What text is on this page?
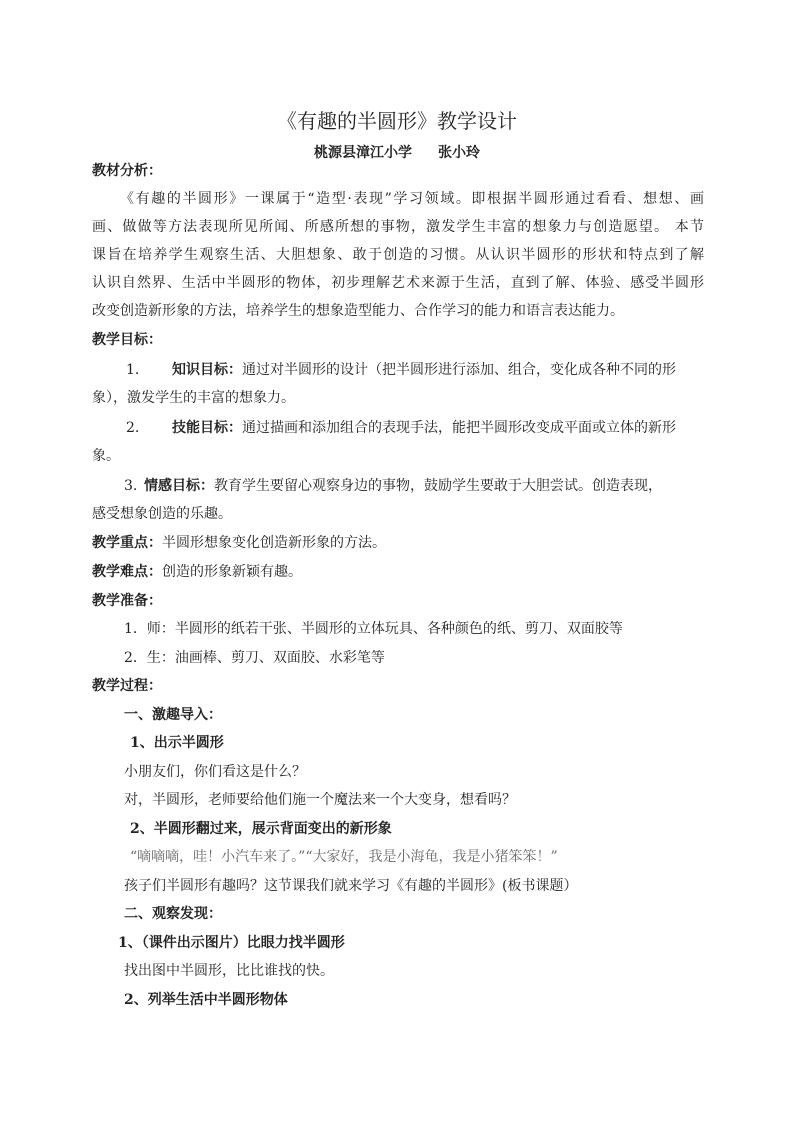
《有趣的半圆形》教学设计
桃源县漳江小学 张小玲
教材分析：
《有趣的半圆形》一课属于“造型·表现”学习领域。即根据半圆形通过看看、想想、画
画、做做等方法表现所见所闻、所感所想的事物，激发学生丰富的想象力与创造愿望。 本节
课旨在培养学生观察生活、大胆想象、敢于创造的习惯。从认识半圆形的形状和特点到了解
认识自然界、生活中半圆形的物体，初步理解艺术来源于生活，直到了解、体验、感受半圆形
改变创造新形象的方法，培养学生的想象造型能力、合作学习的能力和语言表达能力。
教学目标：
1. 知识目标：通过对半圆形的设计（把半圆形进行添加、组合，变化成各种不同的形
象），激发学生的丰富的想象力。
2. 技能目标：通过描画和添加组合的表现手法，能把半圆形改变成平面或立体的新形
象。
3. 情感目标：教育学生要留心观察身边的事物，鼓励学生要敢于大胆尝试。创造表现，
感受想象创造的乐趣。
教学重点：半圆形想象变化创造新形象的方法。
教学难点：创造的形象新颖有趣。
教学准备：
1．师：半圆形的纸若干张、半圆形的立体玩具、各种颜色的纸、剪刀、双面胶等
2．生：油画棒、剪刀、双面胶、水彩笔等
教学过程：
一、激趣导入：
1、出示半圆形
小朋友们，你们看这是什么？
对，半圆形，老师要给他们施一个魔法来一个大变身，想看吗？
2、半圆形翻过来，展示背面变出的新形象
“嘀嘀嘀，哇！小汽车来了。”“大家好，我是小海龟，我是小猪笨笨！”
孩子们半圆形有趣吗？这节课我们就来学习《有趣的半圆形》(板书课题）
二、观察发现：
1、（课件出示图片）比眼力找半圆形
找出图中半圆形，比比谁找的快。
2、列举生活中半圆形物体
